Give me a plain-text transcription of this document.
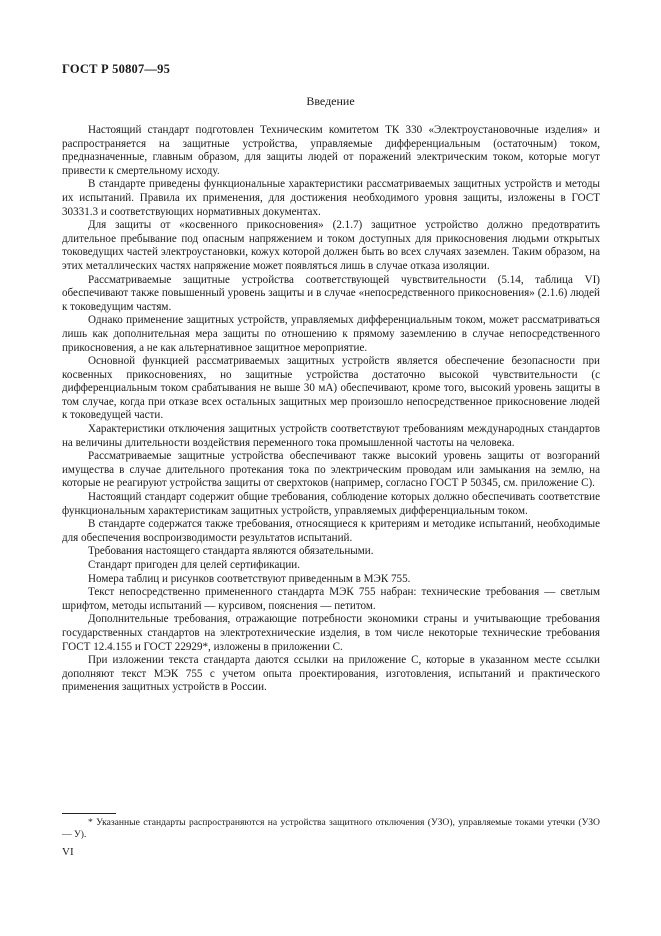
ГОСТ Р 50807—95
Введение

Настоящий стандарт подготовлен Техническим комитетом ТК 330 «Электроустановочные изделия» и распространяется на защитные устройства, управляемые дифференциальным (остаточным) током, предназначенные, главным образом, для защиты людей от поражений электрическим током, которые могут привести к смертельному исходу.

В стандарте приведены функциональные характеристики рассматриваемых защитных устройств и методы их испытаний. Правила их применения, для достижения необходимого уровня защиты, изложены в ГОСТ 30331.3 и соответствующих нормативных документах.

Для защиты от «косвенного прикосновения» (2.1.7) защитное устройство должно предотвратить длительное пребывание под опасным напряжением и током доступных для прикосновения людьми открытых токоведущих частей электроустановки, кожух которой должен быть во всех случаях заземлен. Таким образом, на этих металлических частях напряжение может появляться лишь в случае отказа изоляции.

Рассматриваемые защитные устройства соответствующей чувствительности (5.14, таблица VI) обеспечивают также повышенный уровень защиты и в случае «непосредственного прикосновения» (2.1.6) людей к токоведущим частям.

Однако применение защитных устройств, управляемых дифференциальным током, может рассматриваться лишь как дополнительная мера защиты по отношению к прямому заземлению в случае непосредственного прикосновения, а не как альтернативное защитное мероприятие.

Основной функцией рассматриваемых защитных устройств является обеспечение безопасности при косвенных прикосновениях, но защитные устройства достаточно высокой чувствительности (с дифференциальным током срабатывания не выше 30 мА) обеспечивают, кроме того, высокий уровень защиты в том случае, когда при отказе всех остальных защитных мер произошло непосредственное прикосновение людей к токоведущей части.

Характеристики отключения защитных устройств соответствуют требованиям международных стандартов на величины длительности воздействия переменного тока промышленной частоты на человека.

Рассматриваемые защитные устройства обеспечивают также высокий уровень защиты от возгораний имущества в случае длительного протекания тока по электрическим проводам или замыкания на землю, на которые не реагируют устройства защиты от сверхтоков (например, согласно ГОСТ Р 50345, см. приложение С).

Настоящий стандарт содержит общие требования, соблюдение которых должно обеспечивать соответствие функциональным характеристикам защитных устройств, управляемых дифференциальным током.

В стандарте содержатся также требования, относящиеся к критериям и методике испытаний, необходимые для обеспечения воспроизводимости результатов испытаний.

Требования настоящего стандарта являются обязательными.

Стандарт пригоден для целей сертификации.

Номера таблиц и рисунков соответствуют приведенным в МЭК 755.

Текст непосредственно примененного стандарта МЭК 755 набран: технические требования — светлым шрифтом, методы испытаний — курсивом, пояснения — петитом.

Дополнительные требования, отражающие потребности экономики страны и учитывающие требования государственных стандартов на электротехнические изделия, в том числе некоторые технические требования ГОСТ 12.4.155 и ГОСТ 22929*, изложены в приложении С.

При изложении текста стандарта даются ссылки на приложение С, которые в указанном месте ссылки дополняют текст МЭК 755 с учетом опыта проектирования, изготовления, испытаний и практического применения защитных устройств в России.

* Указанные стандарты распространяются на устройства защитного отключения (УЗО), управляемые токами утечки (УЗО — У).

VI
